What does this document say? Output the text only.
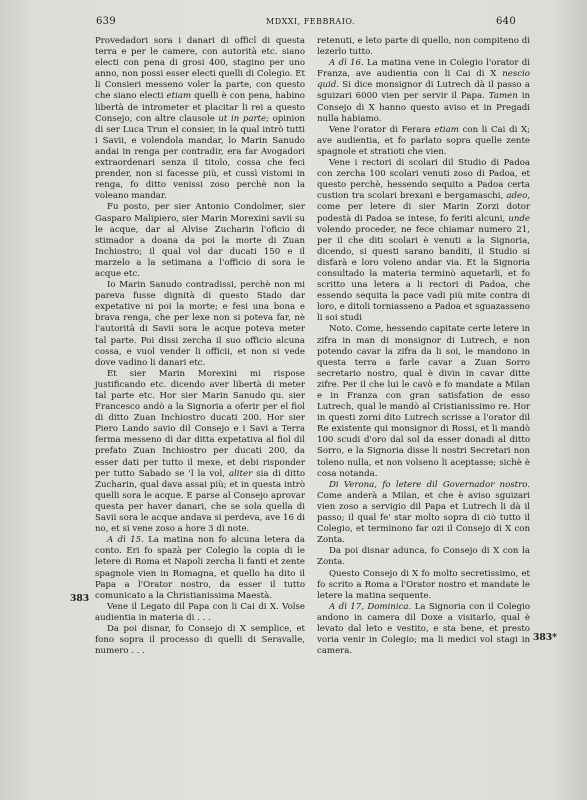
639	MDXXI, FEBBRAIO.	640

Provedadori sora i danari di officî di questa terra e per le camere, con autorità etc. siano electi con pena di grosi 400, stagino per uno anno, non possi esser electi quelli di Colegio. Et li Consieri messeno voler la parte, con questo che siano electi etiam quelli è con pena, habino libertà de intrometer et placitar li rei a questo Consejo, con altre clausole ut in parte; opinion di ser Luca Trun el consier, in la qual intrò tutti i Savii, e volendola mandar, lo Marin Sanudo andai in renga per contradir, era far Avogadori extraordenari senza il titolo, cossa che feci prender, non si facesse più, et cussì vistomi in renga, fo ditto venissi zoso perchè non la voleano mandar.

Fu posto, per sier Antonio Condolmer, sier Gasparo Malipiero, sier Marin Morexini savii su le acque, dar al Alvise Zucharin l'oficio di stimador a doana da poi la morte di Zuan Inchiostro; il qual vol dar ducati 150 e il marzelo a la setimana a l'officio di sora le acque etc.

Io Marin Sanudo contradissi, perchè non mi pareva fusse dignità di questo Stado dar expetative ni poi la morte; e fesi una bona e brava renga, che per lexe non si poteva far, nè l'autorità di Savii sora le acque poteva meter tal parte. Poi dissi zercha il suo officio alcuna cossa, e vuol vender li officii, et non si vede dove vadino li danari etc.

Et sier Marin Morexini mi rispose justificando etc. dicendo aver libertà di meter tal parte etc. Hor sier Marin Sanudo qu. sier Francesco andò a la Signoria a oferir per el fiol di ditto Zuan Inchiostro ducati 200. Hor sier Piero Lando savio dil Consejo e i Savi a Terra ferma messeno di dar ditta expetativa al fiol dil prefato Zuan Inchiostro per ducati 200, da esser dati per tutto il mexe, et debi risponder per tutto Sabado se 'l la vol, aliter sia di ditto Zucharin, qual dava assai più; et in questa intrò quelli sora le acque. E parse al Consejo aprovar questa per haver danari, che se sola quella di Savii sora le acque andava si perdeva, ave 16 di no, et si vene zoso a hore 3 di note.

A dì 15. La matina non fo alcuna letera da conto. Eri fo spazà per Colegio la copia di le letere di Roma et Napoli zercha li fanti et zente spagnole vien in Romagna, et quello ha dito il Papa a l'Orator nostro, da esser il tutto comunicato a la Christianissima Maestà.

Vene il Legato dil Papa con li Cai di X. Volse audientia in materia di . . .

Da poi disnar, fo Consejo di X semplice, et fono sopra il processo di quelli di Seravalle, numero . . .

retenuti, e leto parte di quello, non compiteno di lezerlo tutto.

A dì 16. La matina vene in Colegio l'orator di Franza, ave audientia con li Cai di X nescio quid. Si dice monsignor di Lutrech dà il passo a sguizari 6000 vien per servir il Papa. Tamen in Consejo di X hanno questo aviso et in Pregadi nulla habiamo.

Vene l'orator di Ferara etiam con li Cai di X; ave audientia, et fo parlato sopra quelle zente spagnole et stratioti che vien.

Vene i rectori di scolari dil Studio di Padoa con zercha 100 scolari venuti zoso di Padoa, et questo perchè, hessendo sequito a Padoa certa custion tra scolari brexani e bergamaschi, adeo, come per letere di sier Marin Zorzi dotor podestà di Padoa se intese, fo feriti alcuni, unde volendo proceder, ne fece chiamar numero 21, per il che diti scolari è venuti a la Signoria, dicendo, si questi sarano banditi, il Studio si disfarà e loro voleno andar via. Et la Signoria consultado la materia terminò aquetarli, et fo scritto una letera a li rectori di Padoa, che essendo sequita la pace vadi più mite contra di loro, e ditoli torniasseno a Padoa et sguazasseno li soi studi

Noto. Come, hessendo capitate certe letere in zifra in man di monsignor di Lutrech, e non potendo cavar la zifra da li soi, le mandono in questa terra a farle cavar a Zuan Sorro secretario nostro, qual è divin in cavar ditte zifre. Per il che lui le cavò e fo mandate a Milan e in Franza con gran satisfation de esso Lutrech, qual le mandò al Cristianissimo re. Hor in questi zorni dito Lutrech scrisse a l'orator dil Re existente qui monsignor di Rossi, et li mandò 100 scudi d'oro dal sol da esser donadi al ditto Sorro, e la Signoria disse li nostri Secretari non toleno nulla, et non volseno li aceptasse; sichè è cosa notanda.

Di Verona, fo letere dil Governador nostro. Come anderà a Milan, et che è aviso sguizari vien zoso a servigio dil Papa et Lutrech li dà il passo; il qual fe' star molto sopra di ciò tutto il Colegio, et terminono far ozi il Consejo di X con Zonta.

Da poi disnar adunca, fo Consejo di X con la Zonta.

Questo Consejo di X fo molto secretissimo, et fo scrito a Roma a l'Orator nostro et mandate le letere la matina sequente.

A dì 17, Dominica. La Signoria con il Colegio andono in camera dil Doxe a visitarlo, qual è levato dal leto e vestito, e sta bene, et presto voria venir in Colegio; ma li medici vol stagi in camera.

383
383*
